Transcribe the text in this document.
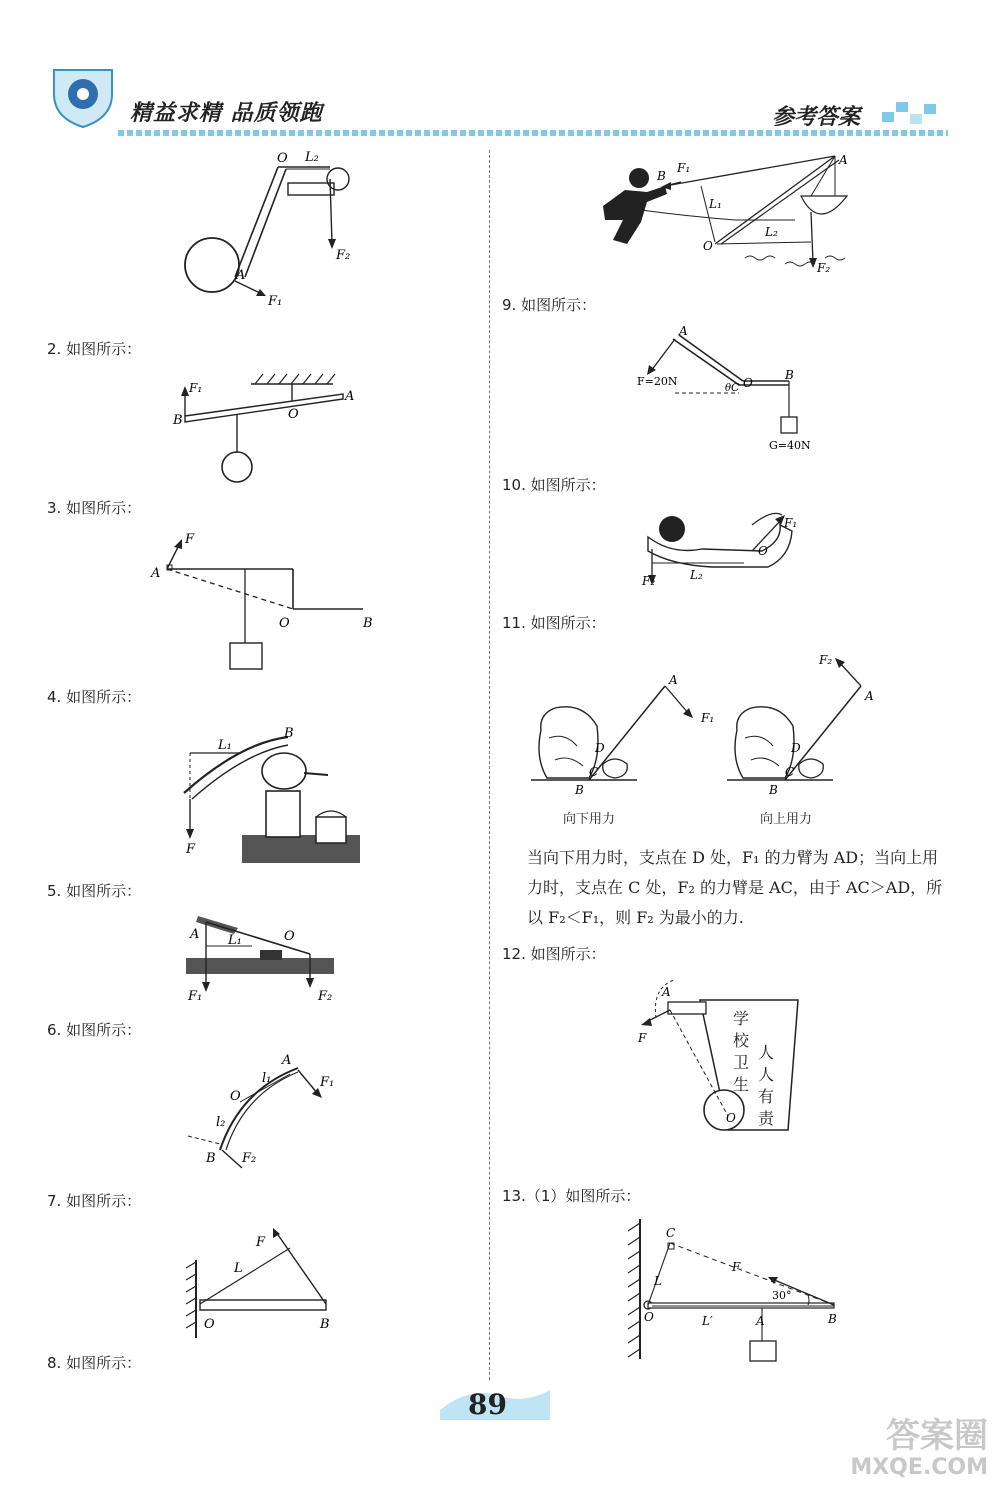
精益求精 品质领跑	参考答案
O L₂
A
F₂
F₁
2. 如图所示：
F₁
B	O
A
3. 如图所示：
F
A
O	B
4. 如图所示：
L₁
B
F
5. 如图所示：
A L₁	O
F₁	F₂
6. 如图所示：
A
l₁	F₁
O
l₂
B F₂
7. 如图所示：
F
L
O	B
8. 如图所示：
B
F₁
L₁
O
L₂
A
F₂
9. 如图所示：
A
F=20N
θ C O
B
G=40N
10. 如图所示：
F₁
O
L₂
F₂
11. 如图所示：
A
F₁
D
C
B
A
F₂
D
C
B
向下用力	向上用力
当向下用力时，支点在 D 处，F₁ 的力臂为 AD；当向上用力时，支点在 C 处，F₂ 的力臂是 AC，由于 AC＞AD，所以 F₂＜F₁，则 F₂ 为最小的力.
12. 如图所示：
A
F
O
学校卫生
人人有责
13.（1）如图所示：
C
L
F
30°
O	L′	A	B
89
答案圈
MXQE.COM
